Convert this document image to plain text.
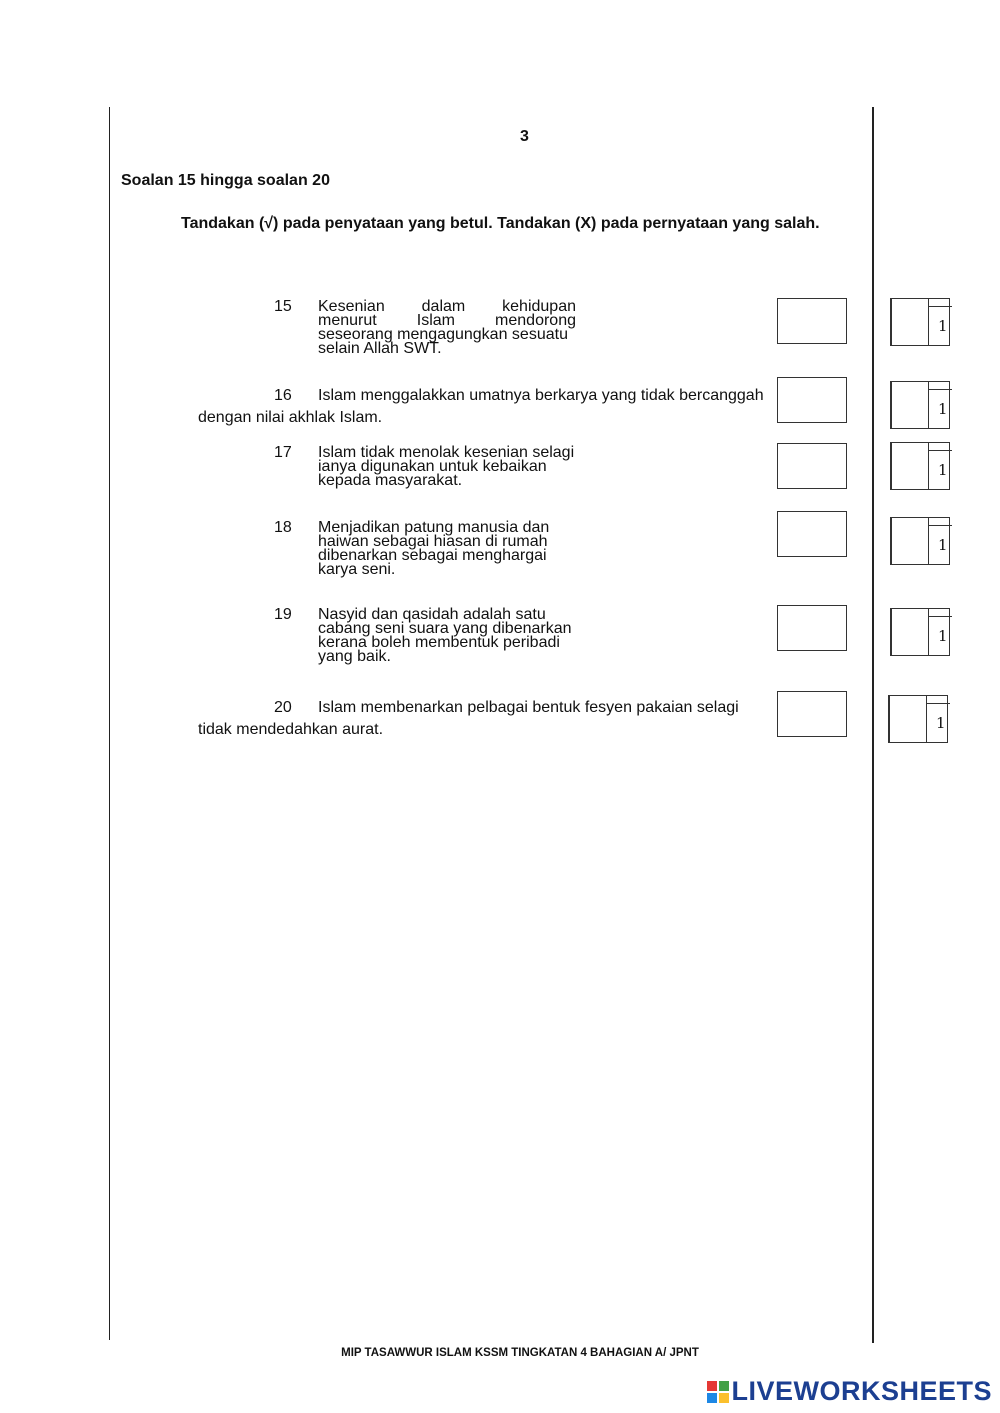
3
Soalan 15 hingga soalan 20
Tandakan (√) pada penyataan yang betul. Tandakan (X) pada pernyataan yang salah.
15 Kesenian dalam kehidupan
menurut Islam mendorong
seseorang mengagungkan sesuatu
selain Allah SWT.
1
16 Islam menggalakkan umatnya berkarya yang tidak bercanggah
dengan nilai akhlak Islam.	1
17 Islam tidak menolak kesenian selagi
ianya digunakan untuk kebaikan
kepada masyarakat.
1
18 Menjadikan patung manusia dan
haiwan sebagai hiasan di rumah
dibenarkan sebagai menghargai
karya seni.
1
19 Nasyid dan qasidah adalah satu
cabang seni suara yang dibenarkan
kerana boleh membentuk peribadi
yang baik.
1
20 Islam membenarkan pelbagai bentuk fesyen pakaian selagi
tidak mendedahkan aurat.	1
MIP TASAWWUR ISLAM KSSM TINGKATAN 4 BAHAGIAN A/ JPNT
LIVEWORKSHEETS
